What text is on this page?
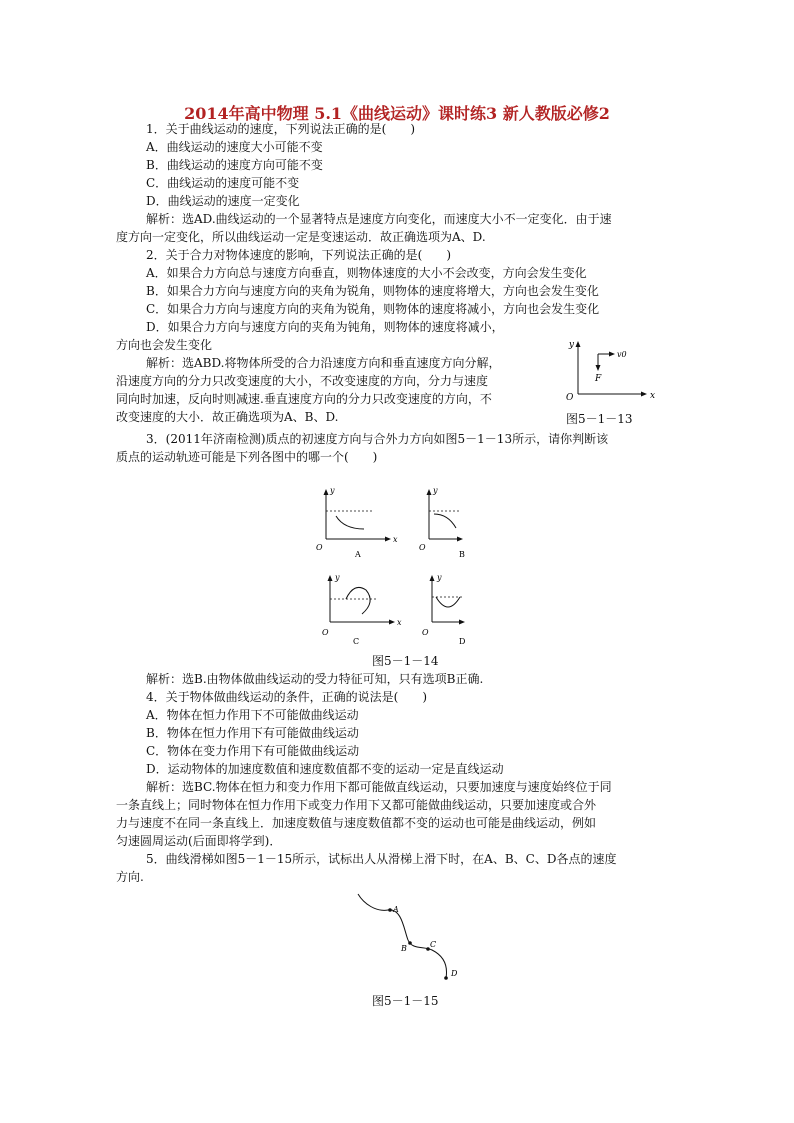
2014年高中物理 5.1《曲线运动》课时练3 新人教版必修2
1．关于曲线运动的速度，下列说法正确的是(　　)
A．曲线运动的速度大小可能不变
B．曲线运动的速度方向可能不变
C．曲线运动的速度可能不变
D．曲线运动的速度一定变化
解析：选AD.曲线运动的一个显著特点是速度方向变化，而速度大小不一定变化．由于速
度方向一定变化，所以曲线运动一定是变速运动．故正确选项为A、D.
2．关于合力对物体速度的影响，下列说法正确的是(　　)
A．如果合力方向总与速度方向垂直，则物体速度的大小不会改变，方向会发生变化
B．如果合力方向与速度方向的夹角为锐角，则物体的速度将增大，方向也会发生变化
C．如果合力方向与速度方向的夹角为锐角，则物体的速度将减小，方向也会发生变化
D．如果合力方向与速度方向的夹角为钝角，则物体的速度将减小，
方向也会发生变化
解析：选ABD.将物体所受的合力沿速度方向和垂直速度方向分解，
沿速度方向的分力只改变速度的大小，不改变速度的方向，分力与速度
同向时加速，反向时则减速.垂直速度方向的分力只改变速度的方向，不
改变速度的大小．故正确选项为A、B、D.
y
x
O
v0
F
图5－1－13
3．(2011年济南检测)质点的初速度方向与合外力方向如图5－1－13所示，请你判断该
质点的运动轨迹可能是下列各图中的哪一个(　　)
y
x
O
A
y
O
B
y
x
O
C
y
O
D
图5－1－14
解析：选B.由物体做曲线运动的受力特征可知，只有选项B正确.
4．关于物体做曲线运动的条件，正确的说法是(　　)
A．物体在恒力作用下不可能做曲线运动
B．物体在恒力作用下有可能做曲线运动
C．物体在变力作用下有可能做曲线运动
D．运动物体的加速度数值和速度数值都不变的运动一定是直线运动
解析：选BC.物体在恒力和变力作用下都可能做直线运动，只要加速度与速度始终位于同
一条直线上；同时物体在恒力作用下或变力作用下又都可能做曲线运动，只要加速度或合外
力与速度不在同一条直线上．加速度数值与速度数值都不变的运动也可能是曲线运动，例如
匀速圆周运动(后面即将学到)．
5．曲线滑梯如图5－1－15所示，试标出人从滑梯上滑下时，在A、B、C、D各点的速度
方向.
A
B	C
D
图5－1－15
